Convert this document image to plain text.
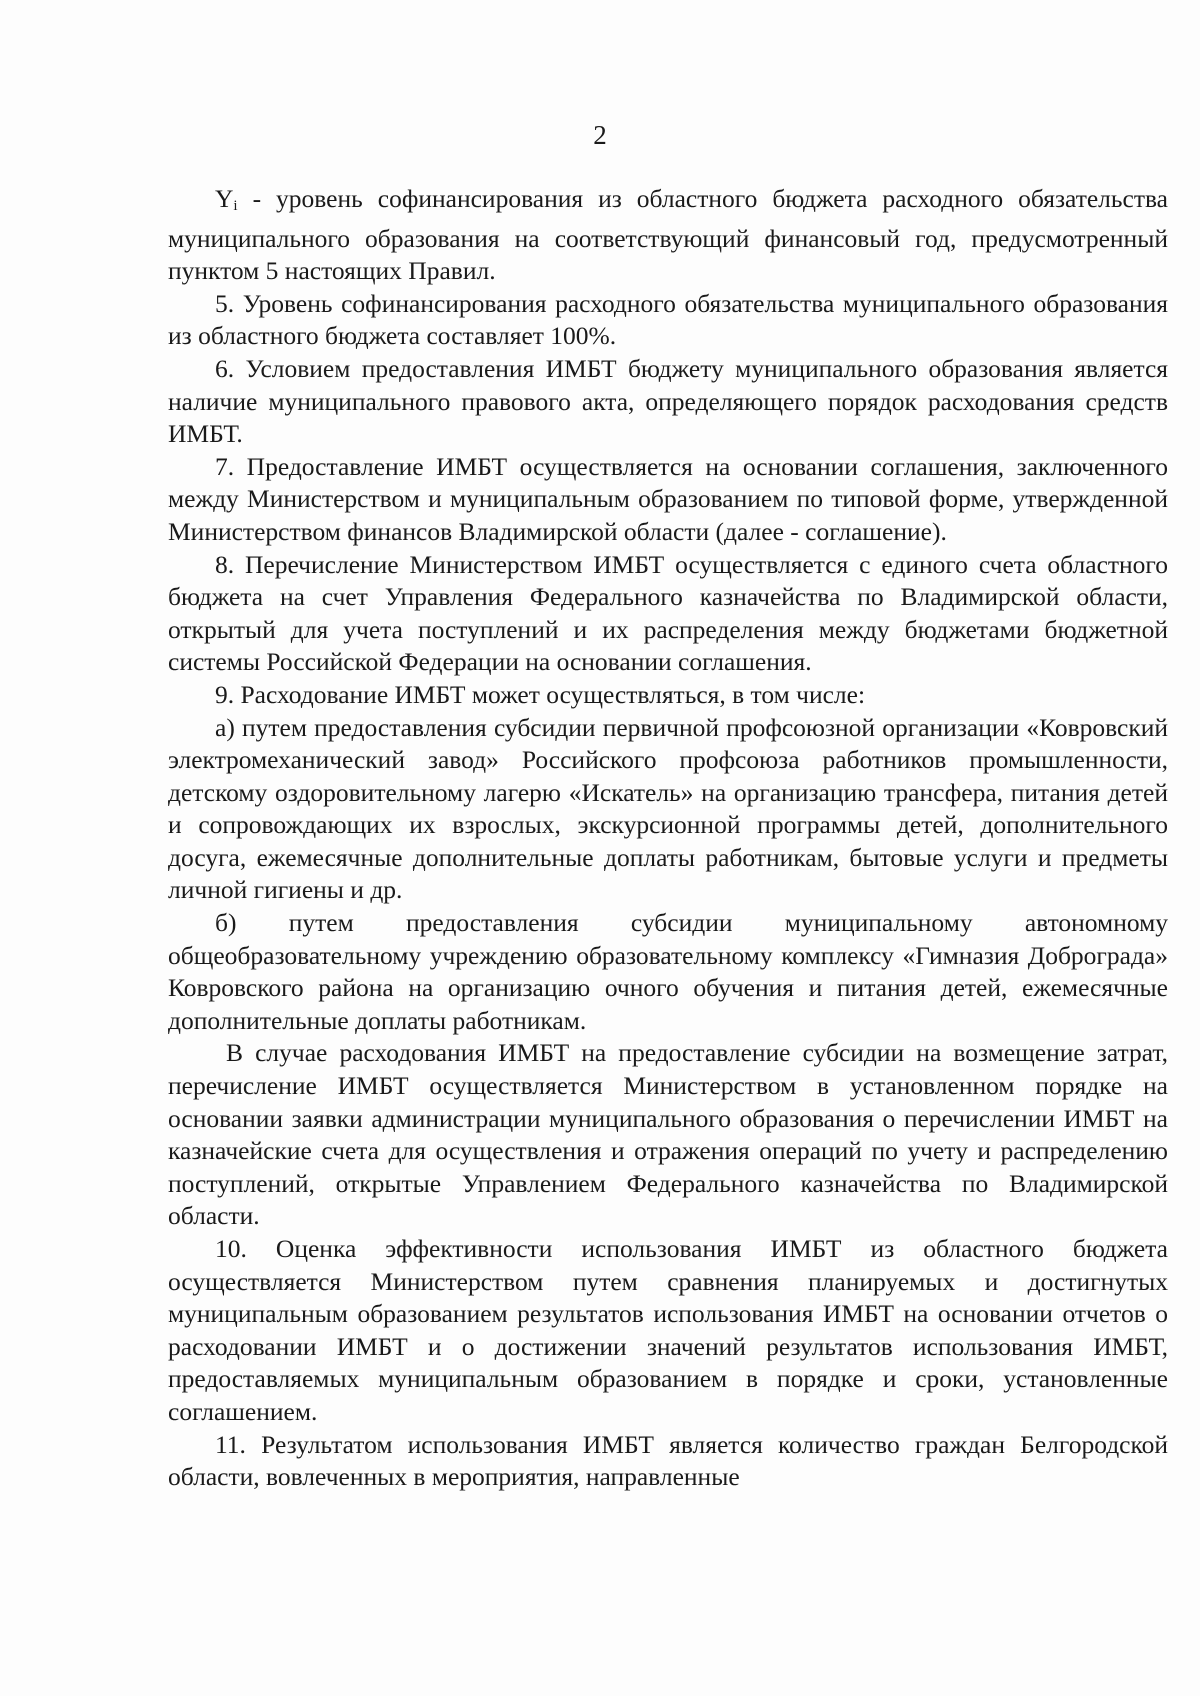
2

$Y_i$ - уровень софинансирования из областного бюджета расходного обязательства муниципального образования на соответствующий финансовый год, предусмотренный пунктом 5 настоящих Правил.

5. Уровень софинансирования расходного обязательства муниципального образования из областного бюджета составляет 100%.

6. Условием предоставления ИМБТ бюджету муниципального образования является наличие муниципального правового акта, определяющего порядок расходования средств ИМБТ.

7. Предоставление ИМБТ осуществляется на основании соглашения, заключенного между Министерством и муниципальным образованием по типовой форме, утвержденной Министерством финансов Владимирской области (далее - соглашение).

8. Перечисление Министерством ИМБТ осуществляется с единого счета областного бюджета на счет Управления Федерального казначейства по Владимирской области, открытый для учета поступлений и их распределения между бюджетами бюджетной системы Российской Федерации на основании соглашения.

9. Расходование ИМБТ может осуществляться, в том числе:

а) путем предоставления субсидии первичной профсоюзной организации «Ковровский электромеханический завод» Российского профсоюза работников промышленности, детскому оздоровительному лагерю «Искатель» на организацию трансфера, питания детей и сопровождающих их взрослых, экскурсионной программы детей, дополнительного досуга, ежемесячные дополнительные доплаты работникам, бытовые услуги и предметы личной гигиены и др.

б) путем предоставления субсидии муниципальному автономному общеобразовательному учреждению образовательному комплексу «Гимназия Доброграда» Ковровского района на организацию очного обучения и питания детей, ежемесячные дополнительные доплаты работникам.

В случае расходования ИМБТ на предоставление субсидии на возмещение затрат, перечисление ИМБТ осуществляется Министерством в установленном порядке на основании заявки администрации муниципального образования о перечислении ИМБТ на казначейские счета для осуществления и отражения операций по учету и распределению поступлений, открытые Управлением Федерального казначейства по Владимирской области.

10. Оценка эффективности использования ИМБТ из областного бюджета осуществляется Министерством путем сравнения планируемых и достигнутых муниципальным образованием результатов использования ИМБТ на основании отчетов о расходовании ИМБТ и о достижении значений результатов использования ИМБТ, предоставляемых муниципальным образованием в порядке и сроки, установленные соглашением.

11. Результатом использования ИМБТ является количество граждан Белгородской области, вовлеченных в мероприятия, направленные
